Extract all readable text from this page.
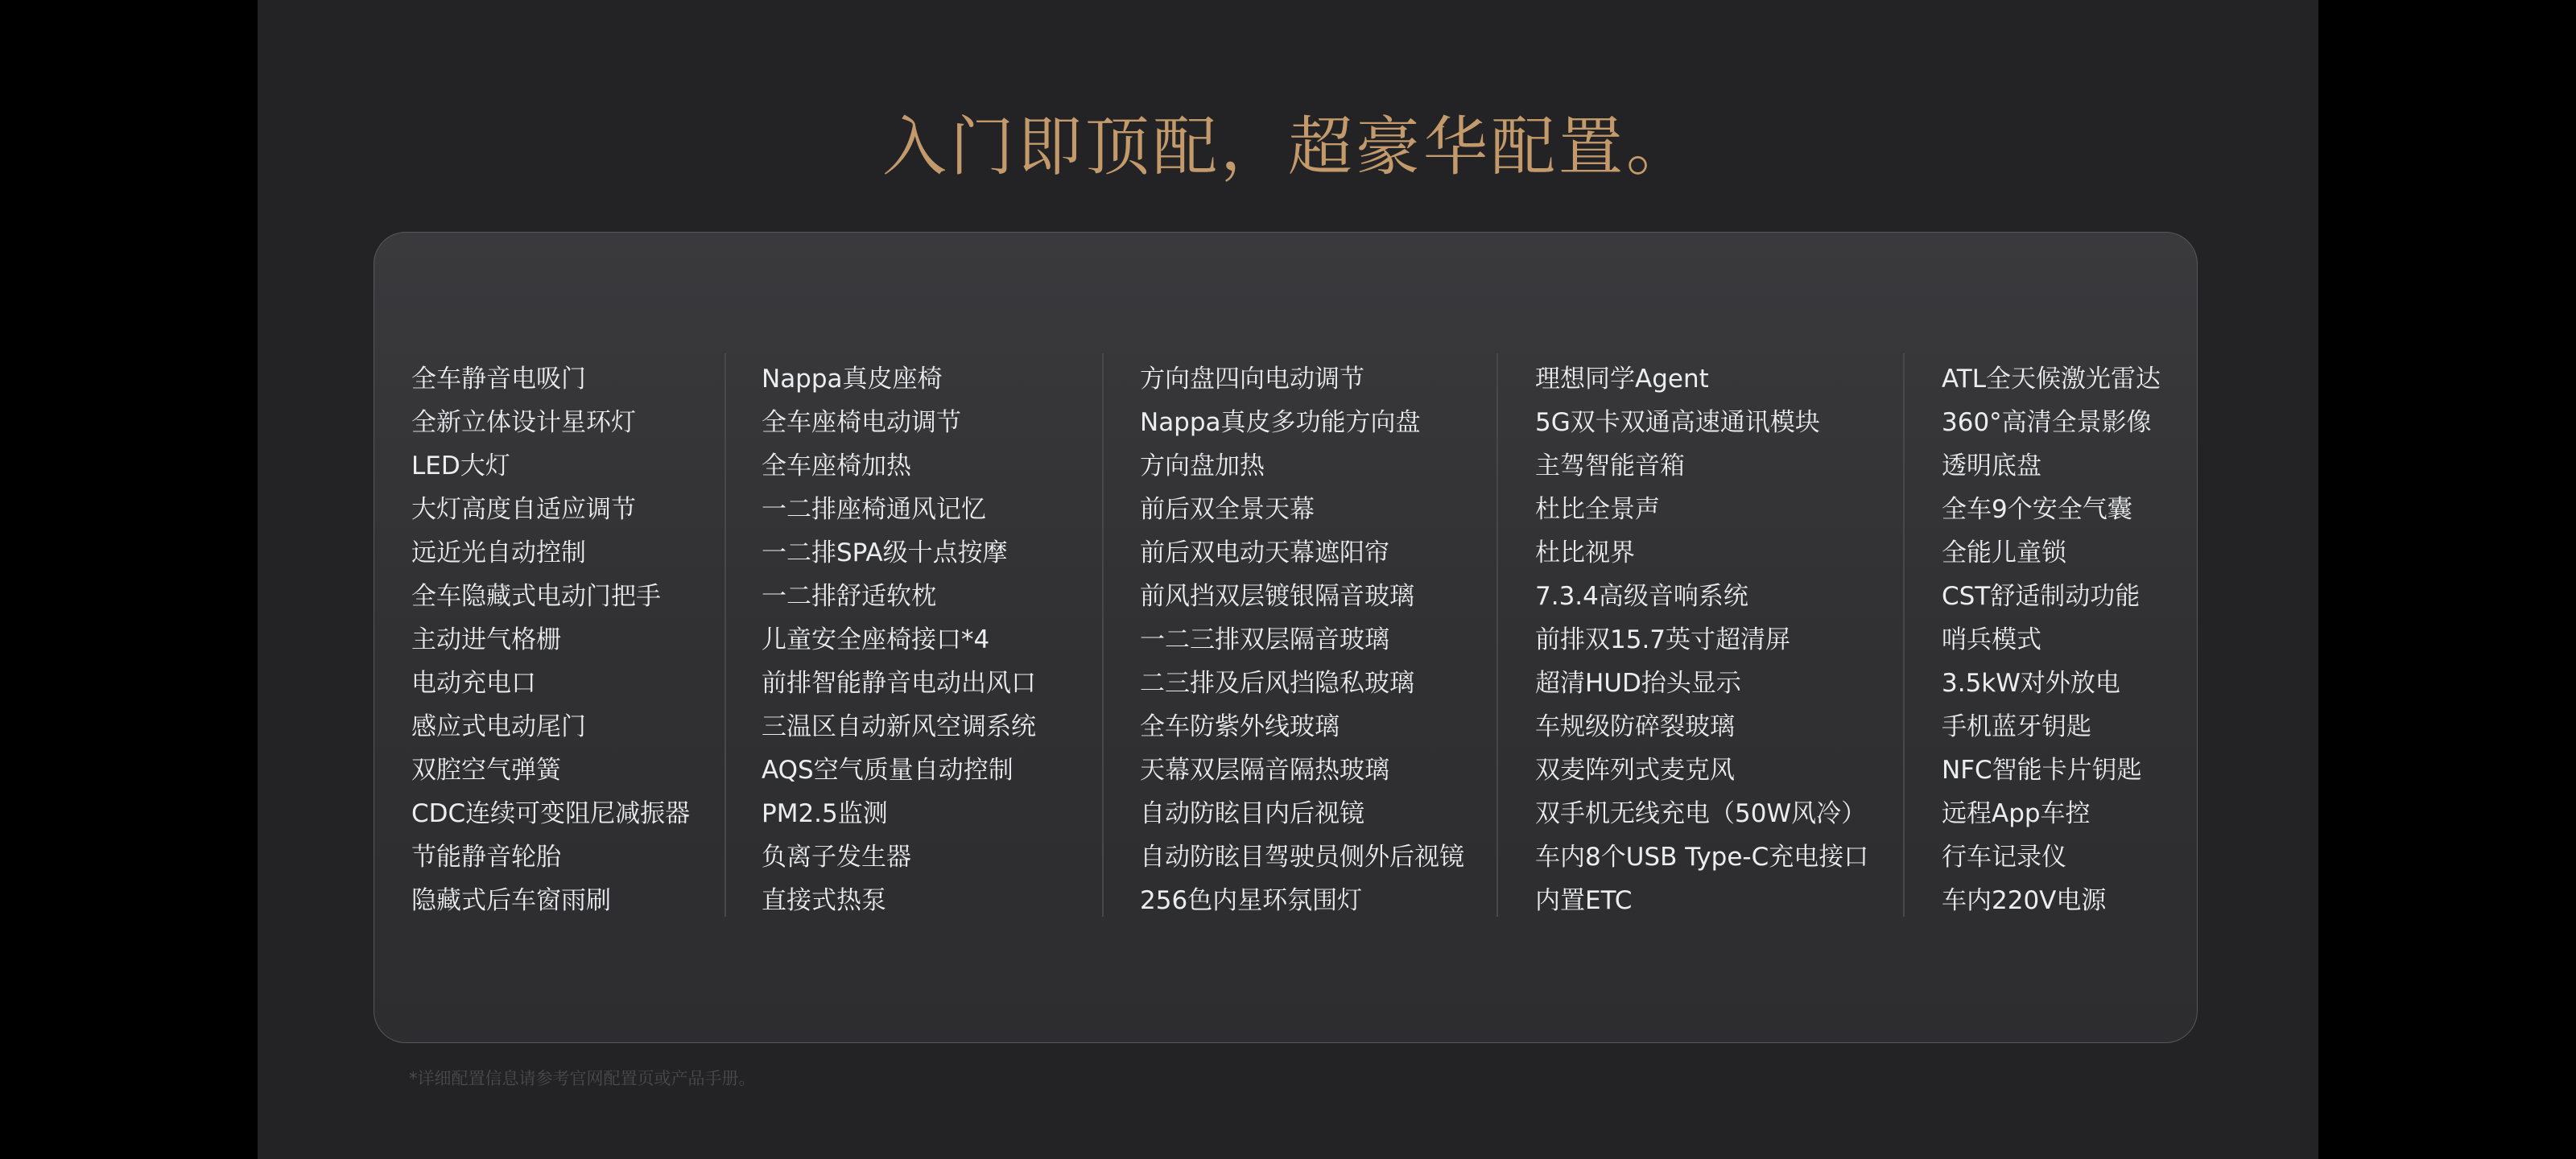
入门即顶配，超豪华配置。
全车静音电吸门
全新立体设计星环灯
LED大灯
大灯高度自适应调节
远近光自动控制
全车隐藏式电动门把手
主动进气格栅
电动充电口
感应式电动尾门
双腔空气弹簧
CDC连续可变阻尼减振器
节能静音轮胎
隐藏式后车窗雨刷
Nappa真皮座椅
全车座椅电动调节
全车座椅加热
一二排座椅通风记忆
一二排SPA级十点按摩
一二排舒适软枕
儿童安全座椅接口*4
前排智能静音电动出风口
三温区自动新风空调系统
AQS空气质量自动控制
PM2.5监测
负离子发生器
直接式热泵
方向盘四向电动调节
Nappa真皮多功能方向盘
方向盘加热
前后双全景天幕
前后双电动天幕遮阳帘
前风挡双层镀银隔音玻璃
一二三排双层隔音玻璃
二三排及后风挡隐私玻璃
全车防紫外线玻璃
天幕双层隔音隔热玻璃
自动防眩目内后视镜
自动防眩目驾驶员侧外后视镜
256色内星环氛围灯
理想同学Agent
5G双卡双通高速通讯模块
主驾智能音箱
杜比全景声
杜比视界
7.3.4高级音响系统
前排双15.7英寸超清屏
超清HUD抬头显示
车规级防碎裂玻璃
双麦阵列式麦克风
双手机无线充电（50W风冷）
车内8个USB Type-C充电接口
内置ETC
ATL全天候激光雷达
360°高清全景影像
透明底盘
全车9个安全气囊
全能儿童锁
CST舒适制动功能
哨兵模式
3.5kW对外放电
手机蓝牙钥匙
NFC智能卡片钥匙
远程App车控
行车记录仪
车内220V电源

*详细配置信息请参考官网配置页或产品手册。
